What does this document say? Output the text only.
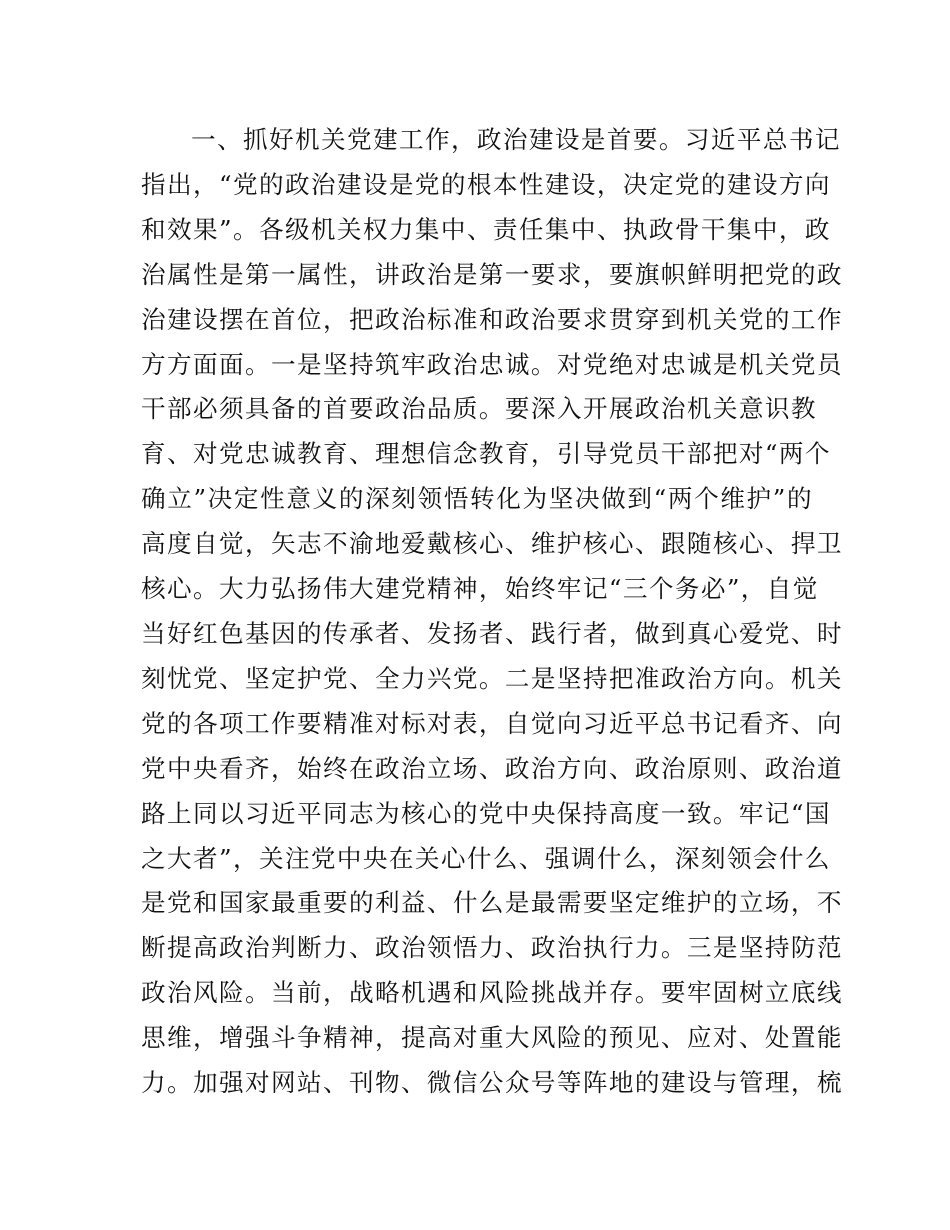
一、抓好机关党建工作，政治建设是首要。习近平总书记
指出，“党的政治建设是党的根本性建设，决定党的建设方向
和效果”。各级机关权力集中、责任集中、执政骨干集中，政
治属性是第一属性，讲政治是第一要求，要旗帜鲜明把党的政
治建设摆在首位，把政治标准和政治要求贯穿到机关党的工作
方方面面。一是坚持筑牢政治忠诚。对党绝对忠诚是机关党员
干部必须具备的首要政治品质。要深入开展政治机关意识教
育、对党忠诚教育、理想信念教育，引导党员干部把对“两个
确立”决定性意义的深刻领悟转化为坚决做到“两个维护”的
高度自觉，矢志不渝地爱戴核心、维护核心、跟随核心、捍卫
核心。大力弘扬伟大建党精神，始终牢记“三个务必”，自觉
当好红色基因的传承者、发扬者、践行者，做到真心爱党、时
刻忧党、坚定护党、全力兴党。二是坚持把准政治方向。机关
党的各项工作要精准对标对表，自觉向习近平总书记看齐、向
党中央看齐，始终在政治立场、政治方向、政治原则、政治道
路上同以习近平同志为核心的党中央保持高度一致。牢记“国
之大者”，关注党中央在关心什么、强调什么，深刻领会什么
是党和国家最重要的利益、什么是最需要坚定维护的立场，不
断提高政治判断力、政治领悟力、政治执行力。三是坚持防范
政治风险。当前，战略机遇和风险挑战并存。要牢固树立底线
思维，增强斗争精神，提高对重大风险的预见、应对、处置能
力。加强对网站、刊物、微信公众号等阵地的建设与管理，梳
